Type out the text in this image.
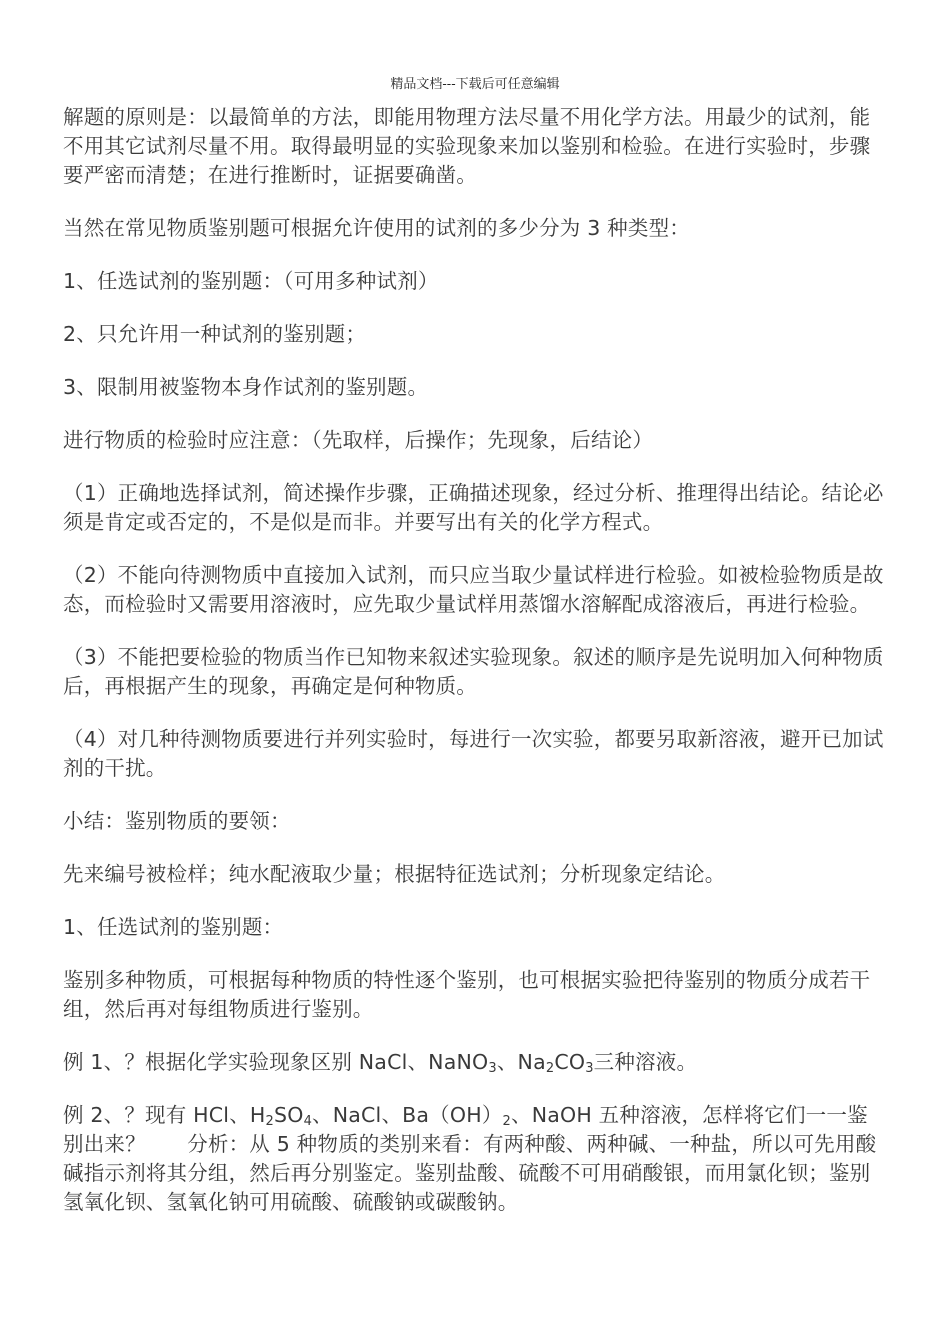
精品文档---下载后可任意编辑

解题的原则是：以最简单的方法，即能用物理方法尽量不用化学方法。用最少的试剂，能不用其它试剂尽量不用。取得最明显的实验现象来加以鉴别和检验。在进行实验时，步骤要严密而清楚；在进行推断时，证据要确凿。

当然在常见物质鉴别题可根据允许使用的试剂的多少分为 3 种类型：

1、任选试剂的鉴别题：（可用多种试剂）

2、只允许用一种试剂的鉴别题；

3、限制用被鉴物本身作试剂的鉴别题。

进行物质的检验时应注意：（先取样，后操作；先现象，后结论）

（1）正确地选择试剂，简述操作步骤，正确描述现象，经过分析、推理得出结论。结论必须是肯定或否定的，不是似是而非。并要写出有关的化学方程式。

（2）不能向待测物质中直接加入试剂，而只应当取少量试样进行检验。如被检验物质是故态，而检验时又需要用溶液时，应先取少量试样用蒸馏水溶解配成溶液后，再进行检验。

（3）不能把要检验的物质当作已知物来叙述实验现象。叙述的顺序是先说明加入何种物质后，再根据产生的现象，再确定是何种物质。

（4）对几种待测物质要进行并列实验时，每进行一次实验，都要另取新溶液，避开已加试剂的干扰。

小结：鉴别物质的要领：

先来编号被检样；纯水配液取少量；根据特征选试剂；分析现象定结论。

1、任选试剂的鉴别题：

鉴别多种物质，可根据每种物质的特性逐个鉴别，也可根据实验把待鉴别的物质分成若干组，然后再对每组物质进行鉴别。

例 1、？根据化学实验现象区别 NaCl、NaNO$_3$、$Na_2CO_3$三种溶液。

例 2、？现有 HCl、$H_2SO_4$、NaCl、$Ba(OH)_2$、NaOH 五种溶液，怎样将它们一一鉴别出来？　　分析：从 5 种物质的类别来看：有两种酸、两种碱、一种盐，所以可先用酸碱指示剂将其分组，然后再分别鉴定。鉴别盐酸、硫酸不可用硝酸银，而用氯化钡；鉴别氢氧化钡、氢氧化钠可用硫酸、硫酸钠或碳酸钠。
